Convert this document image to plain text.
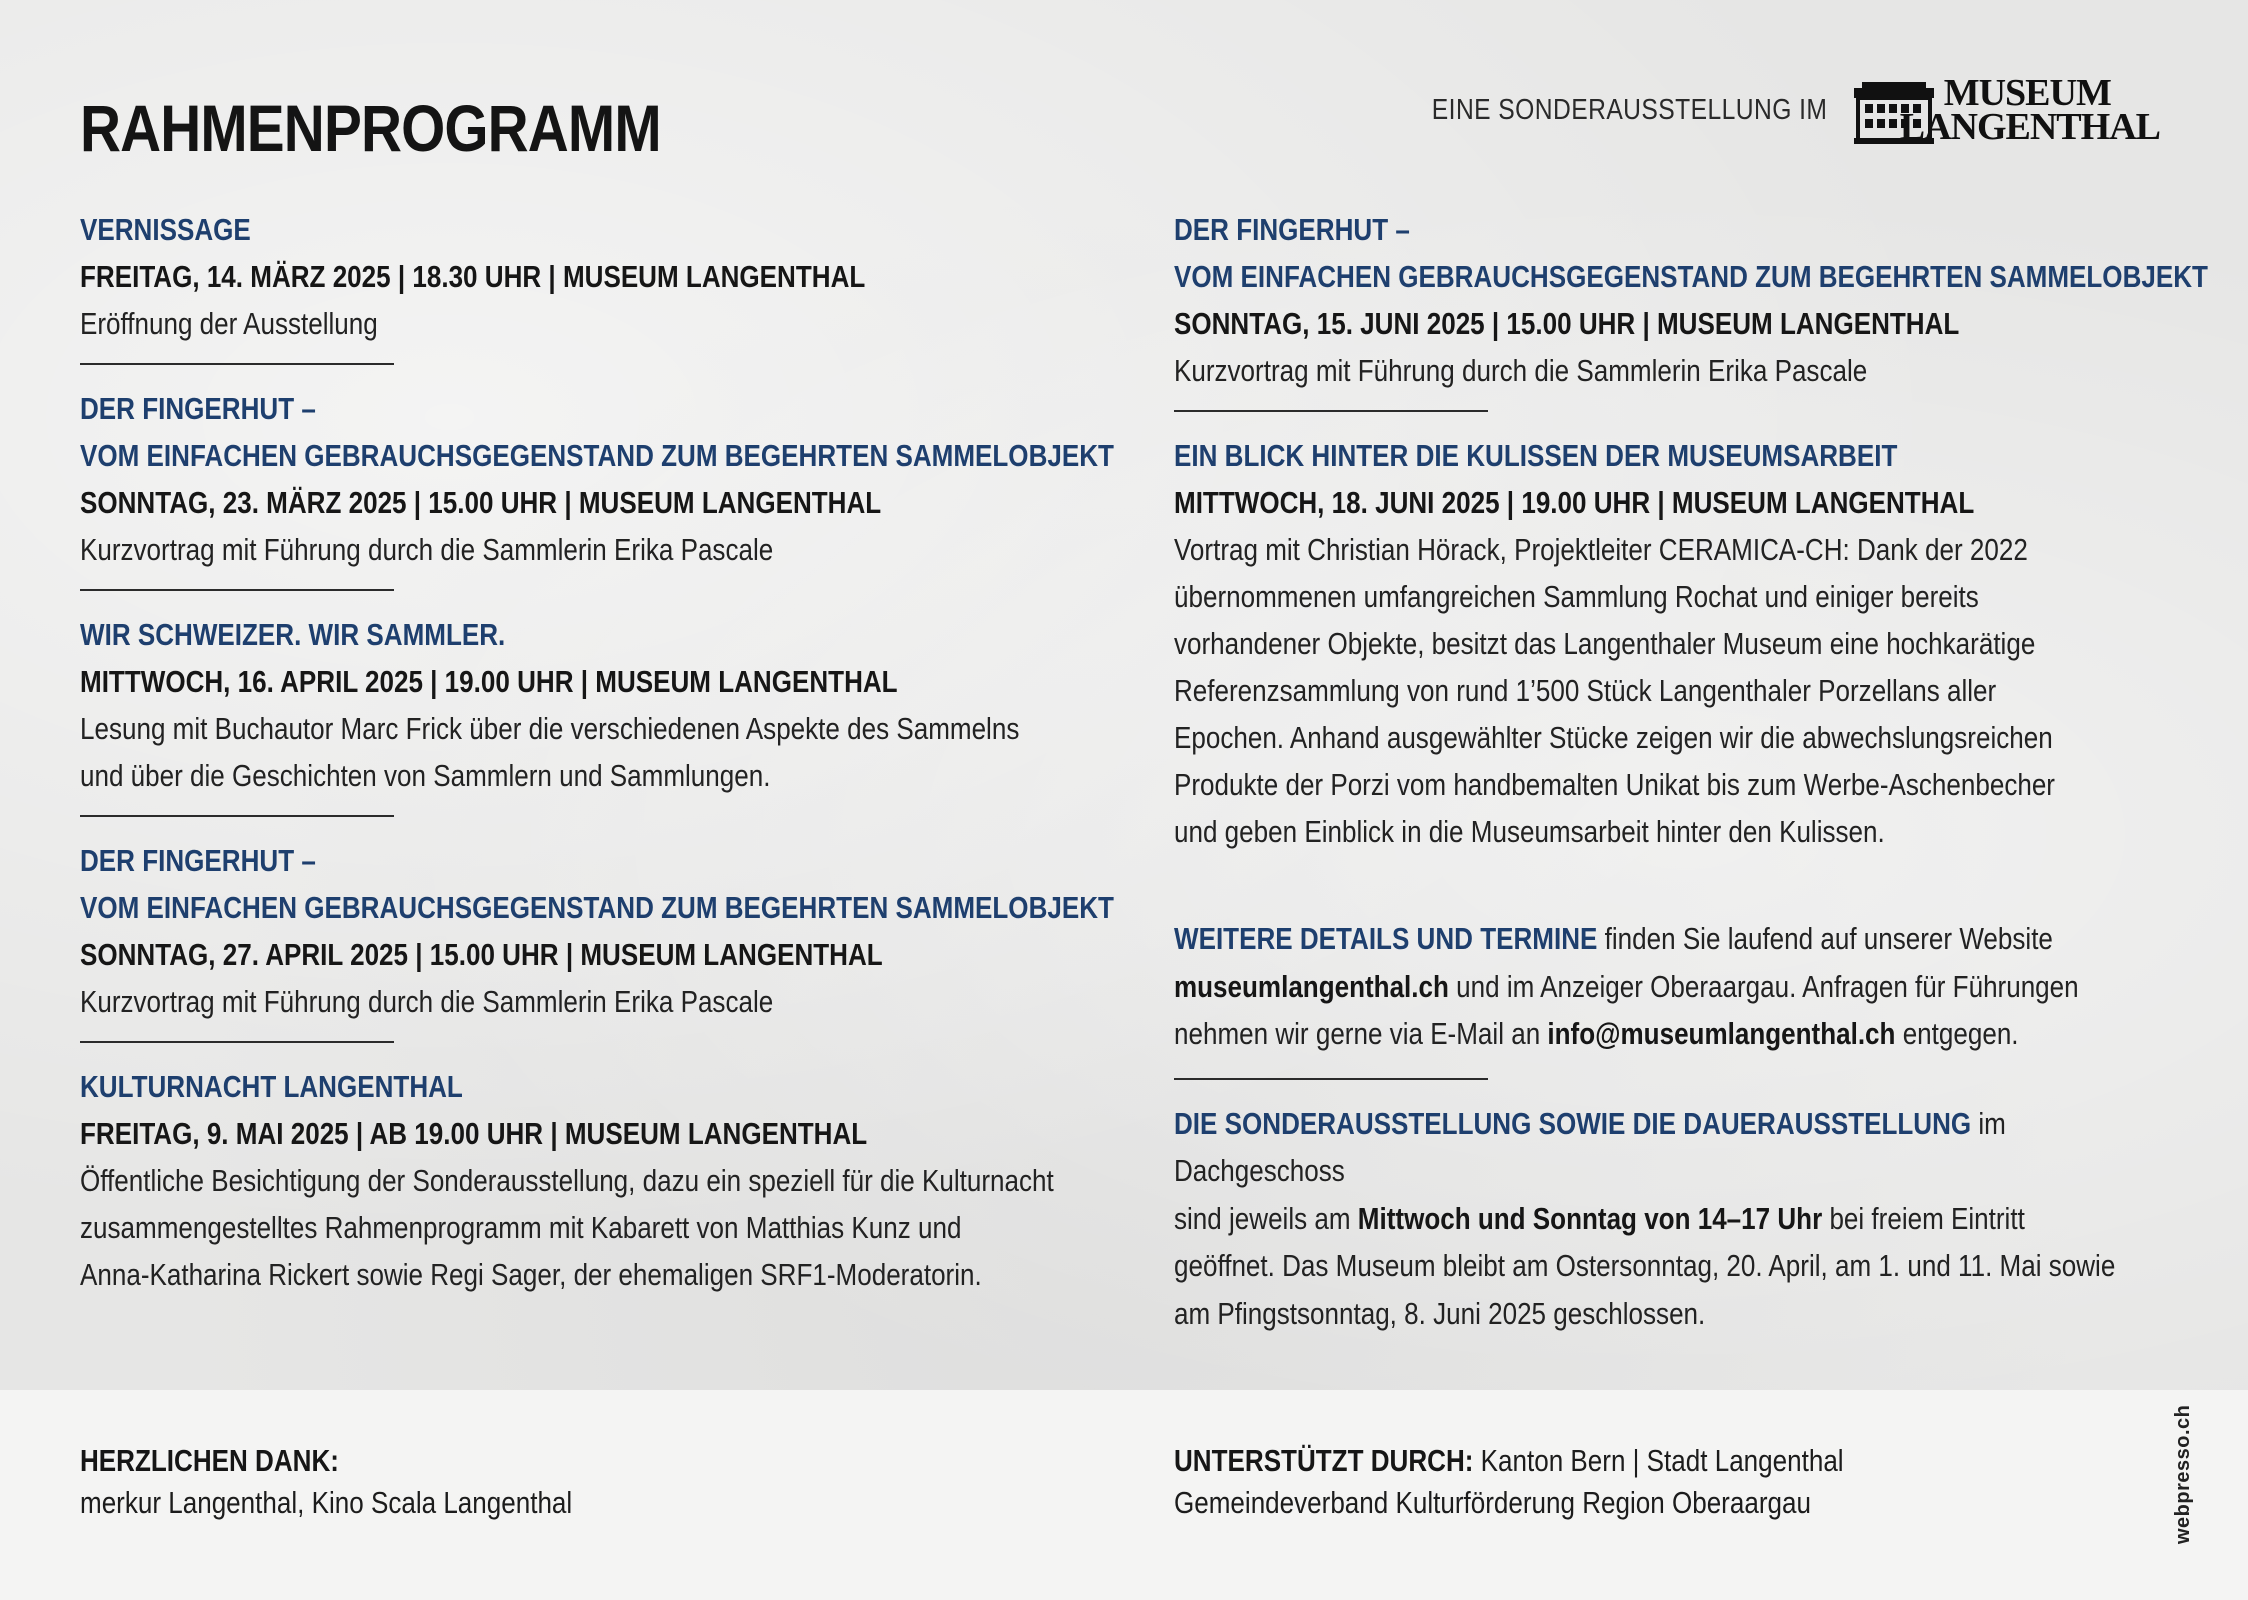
RAHMENPROGRAMM	EINE SONDERAUSSTELLUNG IM	MUSEUM
LANGENTHAL
VERNISSAGE
FREITAG, 14. MÄRZ 2025 | 18.30 UHR | MUSEUM LANGENTHAL
Eröffnung der Ausstellung
DER FINGERHUT –
VOM EINFACHEN GEBRAUCHSGEGENSTAND ZUM BEGEHRTEN SAMMELOBJEKT
SONNTAG, 23. MÄRZ 2025 | 15.00 UHR | MUSEUM LANGENTHAL
Kurzvortrag mit Führung durch die Sammlerin Erika Pascale
WIR SCHWEIZER. WIR SAMMLER.
MITTWOCH, 16. APRIL 2025 | 19.00 UHR | MUSEUM LANGENTHAL
Lesung mit Buchautor Marc Frick über die verschiedenen Aspekte des Sammelns
und über die Geschichten von Sammlern und Sammlungen.
DER FINGERHUT –
VOM EINFACHEN GEBRAUCHSGEGENSTAND ZUM BEGEHRTEN SAMMELOBJEKT
SONNTAG, 27. APRIL 2025 | 15.00 UHR | MUSEUM LANGENTHAL
Kurzvortrag mit Führung durch die Sammlerin Erika Pascale
KULTURNACHT LANGENTHAL
FREITAG, 9. MAI 2025 | AB 19.00 UHR | MUSEUM LANGENTHAL
Öffentliche Besichtigung der Sonderausstellung, dazu ein speziell für die Kulturnacht
zusammengestelltes Rahmenprogramm mit Kabarett von Matthias Kunz und
Anna-Katharina Rickert sowie Regi Sager, der ehemaligen SRF1-Moderatorin.
DER FINGERHUT –
VOM EINFACHEN GEBRAUCHSGEGENSTAND ZUM BEGEHRTEN SAMMELOBJEKT
SONNTAG, 15. JUNI 2025 | 15.00 UHR | MUSEUM LANGENTHAL
Kurzvortrag mit Führung durch die Sammlerin Erika Pascale
EIN BLICK HINTER DIE KULISSEN DER MUSEUMSARBEIT
MITTWOCH, 18. JUNI 2025 | 19.00 UHR | MUSEUM LANGENTHAL
Vortrag mit Christian Hörack, Projektleiter CERAMICA-CH: Dank der 2022
übernommenen umfangreichen Sammlung Rochat und einiger bereits
vorhandener Objekte, besitzt das Langenthaler Museum eine hochkarätige
Referenzsammlung von rund 1’500 Stück Langenthaler Porzellans aller
Epochen. Anhand ausgewählter Stücke zeigen wir die abwechslungsreichen
Produkte der Porzi vom handbemalten Unikat bis zum Werbe-Aschenbecher
und geben Einblick in die Museumsarbeit hinter den Kulissen.
WEITERE DETAILS UND TERMINE finden Sie laufend auf unserer Website
museumlangenthal.ch und im Anzeiger Oberaargau. Anfragen für Führungen
nehmen wir gerne via E-Mail an info@museumlangenthal.ch entgegen.
DIE SONDERAUSSTELLUNG SOWIE DIE DAUERAUSSTELLUNG im Dachgeschoss
sind jeweils am Mittwoch und Sonntag von 14–17 Uhr bei freiem Eintritt
geöffnet. Das Museum bleibt am Ostersonntag, 20. April, am 1. und 11. Mai sowie
am Pfingstsonntag, 8. Juni 2025 geschlossen.
HERZLICHEN DANK:
merkur Langenthal, Kino Scala Langenthal
UNTERSTÜTZT DURCH: Kanton Bern | Stadt Langenthal
Gemeindeverband Kulturförderung Region Oberaargau	webpresso.ch
